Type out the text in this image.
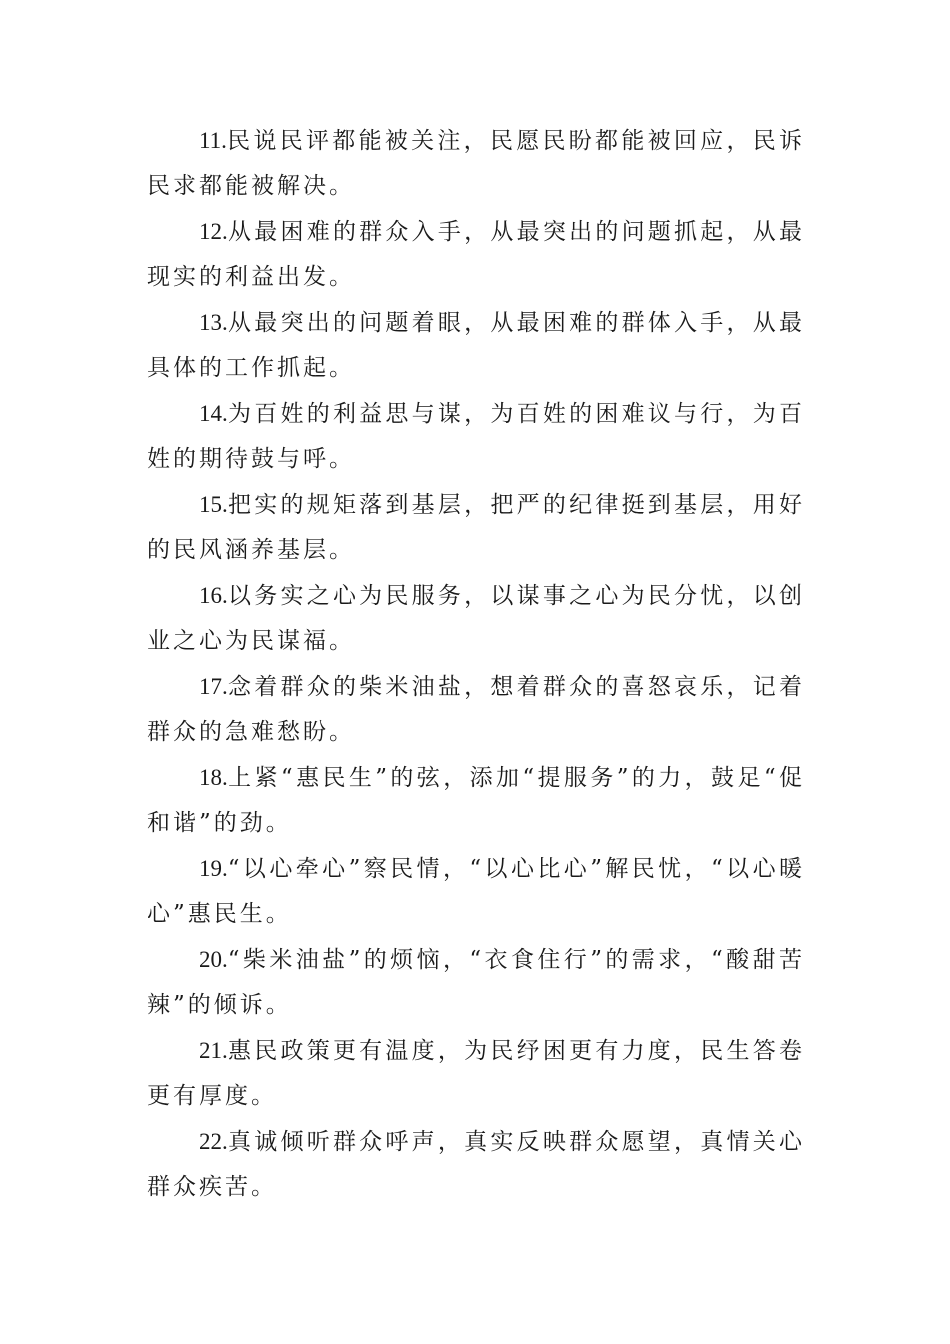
11.民说民评都能被关注，民愿民盼都能被回应，民诉民求都能被解决。

12.从最困难的群众入手，从最突出的问题抓起，从最现实的利益出发。

13.从最突出的问题着眼，从最困难的群体入手，从最具体的工作抓起。

14.为百姓的利益思与谋，为百姓的困难议与行，为百姓的期待鼓与呼。

15.把实的规矩落到基层，把严的纪律挺到基层，用好的民风涵养基层。

16.以务实之心为民服务，以谋事之心为民分忧，以创业之心为民谋福。

17.念着群众的柴米油盐，想着群众的喜怒哀乐，记着群众的急难愁盼。

18.上紧“惠民生”的弦，添加“提服务”的力，鼓足“促和谐”的劲。

19.“以心牵心”察民情，“以心比心”解民忧，“以心暖心”惠民生。

20.“柴米油盐”的烦恼，“衣食住行”的需求，“酸甜苦辣”的倾诉。

21.惠民政策更有温度，为民纾困更有力度，民生答卷更有厚度。

22.真诚倾听群众呼声，真实反映群众愿望，真情关心群众疾苦。
